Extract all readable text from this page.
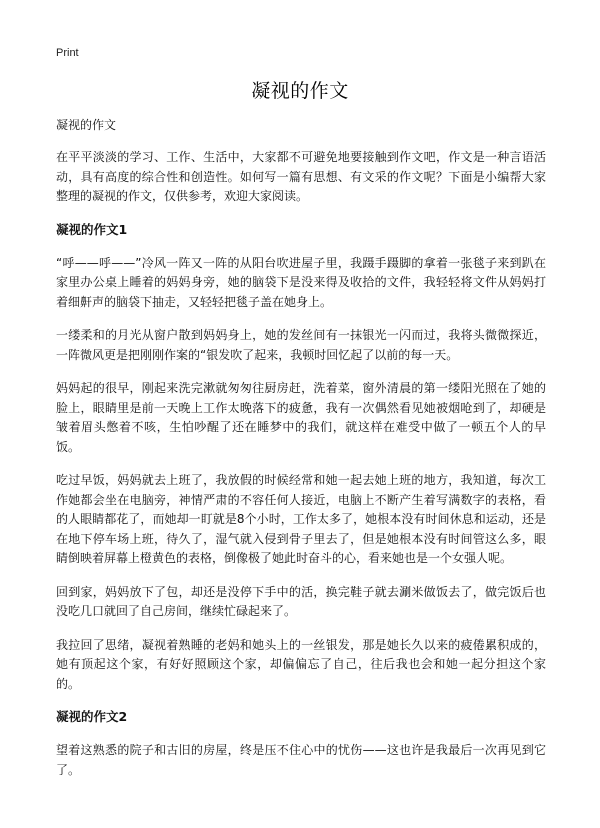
Print
凝视的作文

凝视的作文

在平平淡淡的学习、工作、生活中，大家都不可避免地要接触到作文吧，作文是一种言语活动，具有高度的综合性和创造性。如何写一篇有思想、有文采的作文呢？下面是小编帮大家整理的凝视的作文，仅供参考，欢迎大家阅读。

凝视的作文1

“呼——呼——”冷风一阵又一阵的从阳台吹进屋子里，我蹑手蹑脚的拿着一张毯子来到趴在家里办公桌上睡着的妈妈身旁，她的脑袋下是没来得及收拾的文件，我轻轻将文件从妈妈打着细鼾声的脑袋下抽走，又轻轻把毯子盖在她身上。

一缕柔和的月光从窗户散到妈妈身上，她的发丝间有一抹银光一闪而过，我将头微微探近，一阵微风更是把刚刚作案的“银发吹了起来，我顿时回忆起了以前的每一天。

妈妈起的很早，刚起来洗完漱就匆匆往厨房赶，洗着菜，窗外清晨的第一缕阳光照在了她的脸上，眼睛里是前一天晚上工作太晚落下的疲惫，我有一次偶然看见她被烟呛到了，却硬是皱着眉头憋着不咳，生怕吵醒了还在睡梦中的我们，就这样在难受中做了一顿五个人的早饭。

吃过早饭，妈妈就去上班了，我放假的时候经常和她一起去她上班的地方，我知道，每次工作她都会坐在电脑旁，神情严肃的不容任何人接近，电脑上不断产生着写满数字的表格，看的人眼睛都花了，而她却一盯就是8个小时，工作太多了，她根本没有时间休息和运动，还是在地下停车场上班，待久了，湿气就入侵到骨子里去了，但是她根本没有时间管这么多，眼睛倒映着屏幕上橙黄色的表格，倒像极了她此时奋斗的心，看来她也是一个女强人呢。

回到家，妈妈放下了包，却还是没停下手中的活，换完鞋子就去涮米做饭去了，做完饭后也没吃几口就回了自己房间，继续忙碌起来了。

我拉回了思绪，凝视着熟睡的老妈和她头上的一丝银发，那是她长久以来的疲倦累积成的，她有顶起这个家，有好好照顾这个家，却偏偏忘了自己，往后我也会和她一起分担这个家的。

凝视的作文2

望着这熟悉的院子和古旧的房屋，终是压不住心中的忧伤——这也许是我最后一次再见到它了。
